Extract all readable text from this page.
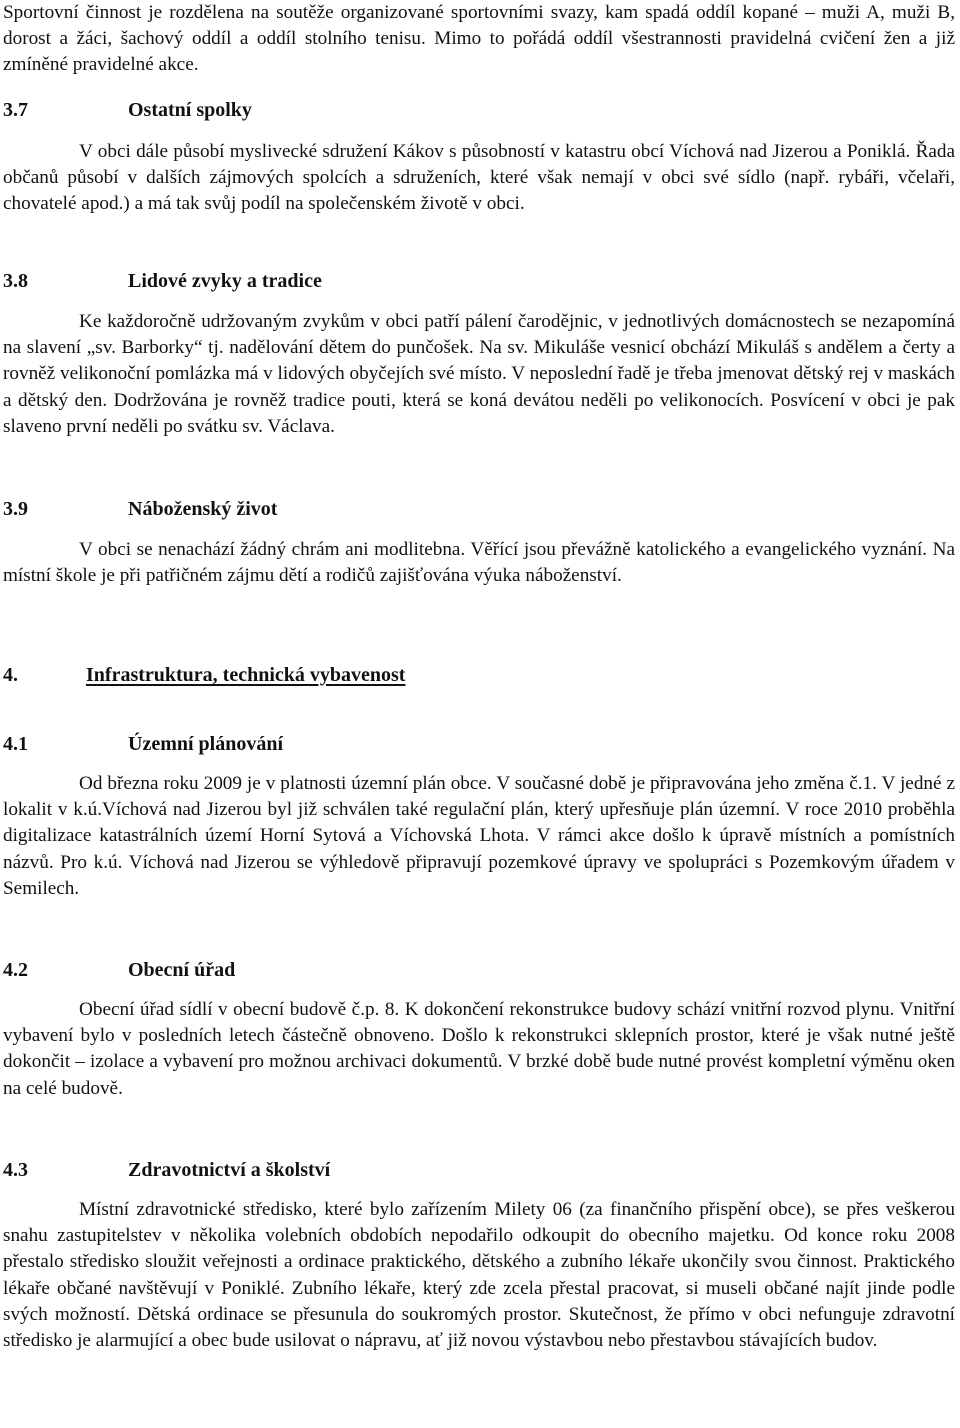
Sportovní činnost je rozdělena na soutěže organizované sportovními svazy, kam spadá oddíl kopané – muži A, muži B, dorost a žáci, šachový oddíl a oddíl stolního tenisu. Mimo to pořádá oddíl všestrannosti pravidelná cvičení žen a již zmíněné pravidelné akce.

3.7	Ostatní spolky

V obci dále působí myslivecké sdružení Kákov s působností v katastru obcí Víchová nad Jizerou a Poniklá. Řada občanů působí v dalších zájmových spolcích a sdruženích, které však nemají v obci své sídlo (např. rybáři, včelaři, chovatelé apod.) a má tak svůj podíl na společenském životě v obci.

3.8	Lidové zvyky a tradice

Ke každoročně udržovaným zvykům v obci patří pálení čarodějnic, v jednotlivých domácnostech se nezapomíná na slavení „sv. Barborky“ tj. nadělování dětem do punčošek. Na sv. Mikuláše vesnicí obchází Mikuláš s andělem a čerty a rovněž velikonoční pomlázka má v lidových obyčejích své místo. V neposlední řadě je třeba jmenovat dětský rej v maskách a dětský den. Dodržována je rovněž tradice pouti, která se koná devátou neděli po velikonocích. Posvícení v obci je pak slaveno první neděli po svátku sv. Václava.

3.9	Náboženský život

V obci se nenachází žádný chrám ani modlitebna. Věřící jsou převážně katolického a evangelického vyznání. Na místní škole je při patřičném zájmu dětí a rodičů zajišťována výuka náboženství.

4.	Infrastruktura, technická vybavenost
4.1	Územní plánování

Od března roku 2009 je v platnosti územní plán obce. V současné době je připravována jeho změna č.1. V jedné z lokalit v k.ú.Víchová nad Jizerou byl již schválen také regulační plán, který upřesňuje plán územní. V roce 2010 proběhla digitalizace katastrálních území Horní Sytová a Víchovská Lhota. V rámci akce došlo k úpravě místních a pomístních názvů. Pro k.ú. Víchová nad Jizerou se výhledově připravují pozemkové úpravy ve spolupráci s Pozemkovým úřadem v Semilech.

4.2	Obecní úřad

Obecní úřad sídlí v obecní budově č.p. 8. K dokončení rekonstrukce budovy schází vnitřní rozvod plynu. Vnitřní vybavení bylo v posledních letech částečně obnoveno. Došlo k rekonstrukci sklepních prostor, které je však nutné ještě dokončit – izolace a vybavení pro možnou archivaci dokumentů. V brzké době bude nutné provést kompletní výměnu oken na celé budově.

4.3	Zdravotnictví a školství

Místní zdravotnické středisko, které bylo zařízením Milety 06 (za finančního přispění obce), se přes veškerou snahu zastupitelstev v několika volebních obdobích nepodařilo odkoupit do obecního majetku. Od konce roku 2008 přestalo středisko sloužit veřejnosti a ordinace praktického, dětského a zubního lékaře ukončily svou činnost. Praktického lékaře občané navštěvují v Poniklé. Zubního lékaře, který zde zcela přestal pracovat, si museli občané najít jinde podle svých možností. Dětská ordinace se přesunula do soukromých prostor. Skutečnost, že přímo v obci nefunguje zdravotní středisko je alarmující a obec bude usilovat o nápravu, ať již novou výstavbou nebo přestavbou stávajících budov.
